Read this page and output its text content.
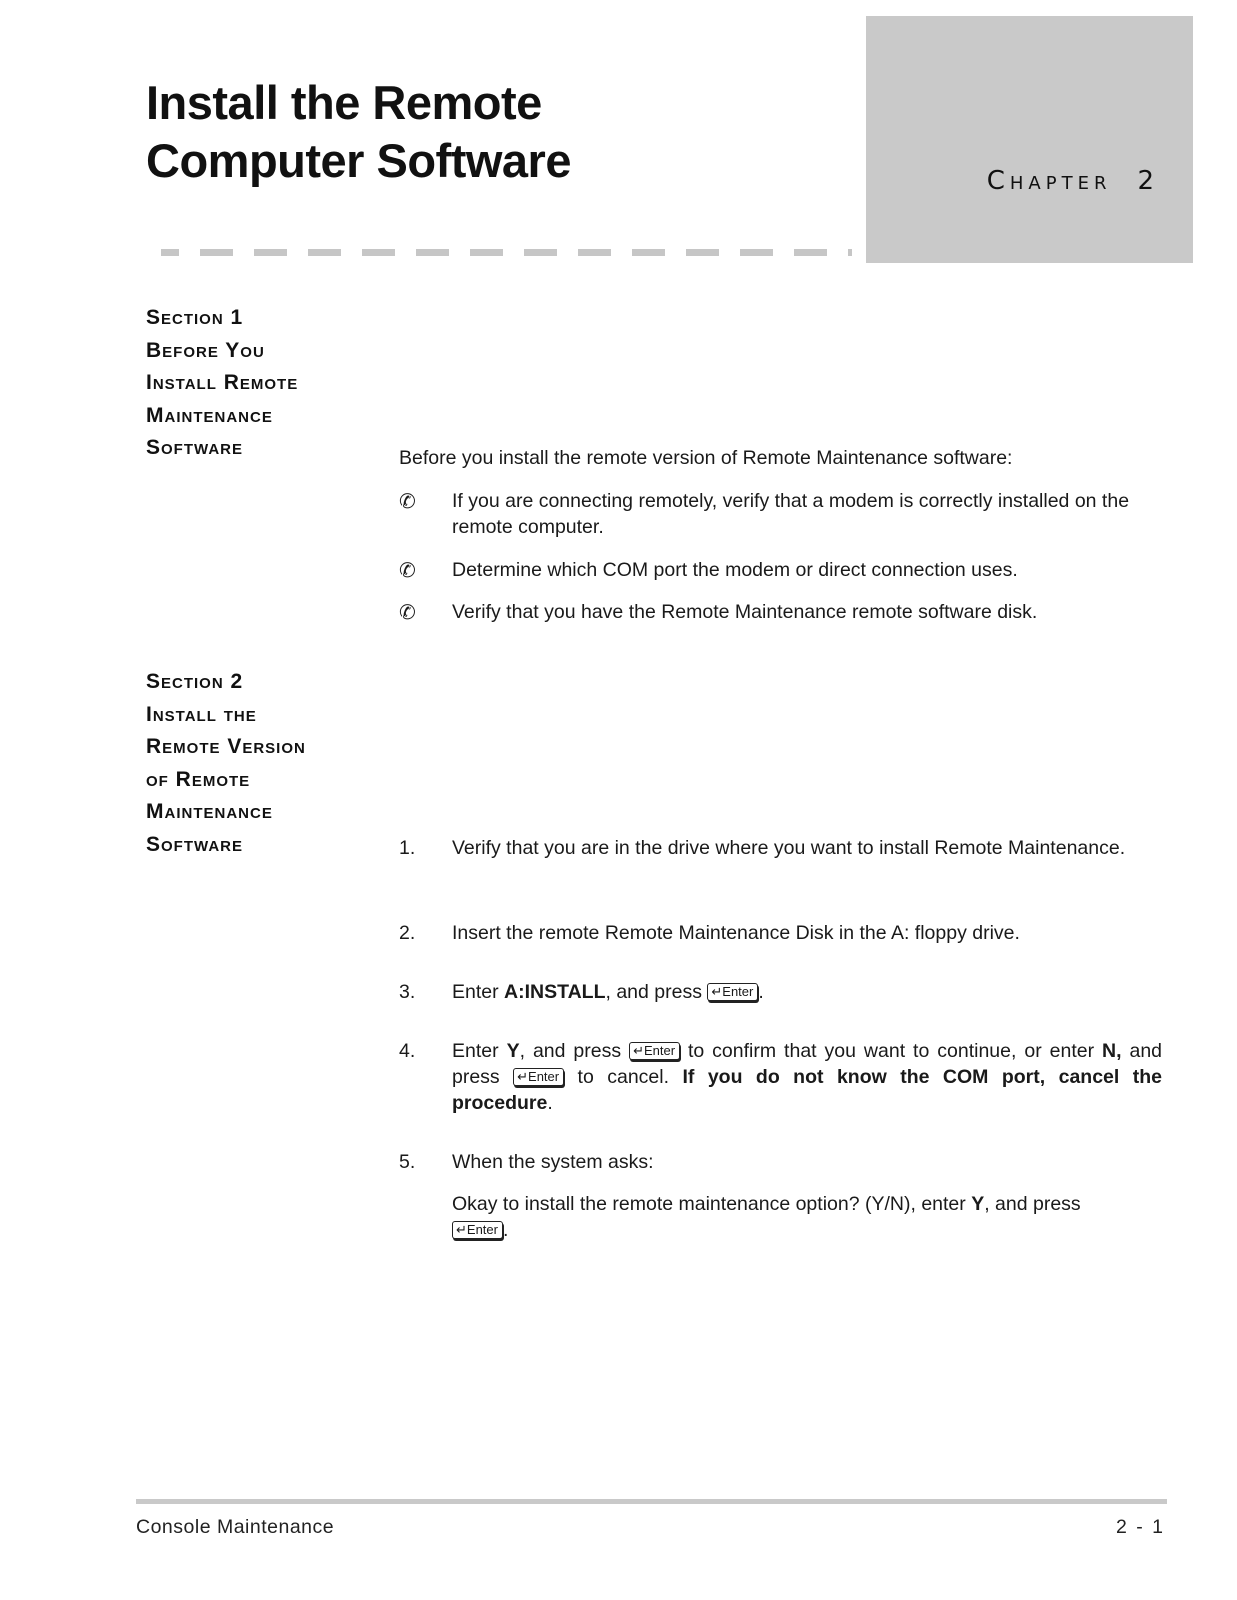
Install the Remote
Computer Software	Chapter 2
Section 1
Before You
Install Remote
Maintenance
Software	Before you install the remote version of Remote Maintenance software:
✆ If you are connecting remotely, verify that a modem is correctly installed on the remote computer.
✆ Determine which COM port the modem or direct connection uses.
✆ Verify that you have the Remote Maintenance remote software disk.
Section 2
Install the
Remote Version
of Remote
Maintenance
Software	1. Verify that you are in the drive where you want to install Remote Maintenance.
2. Insert the remote Remote Maintenance Disk in the A: floppy drive.
3. Enter A:INSTALL, and press ↵Enter .
4. Enter Y, and press ↵Enter to confirm that you want to continue, or enter N, and press ↵Enter to cancel. If you do not know the COM port, cancel the procedure.
5. When the system asks:
Okay to install the remote maintenance option? (Y/N), enter Y, and press
↵Enter .
Console Maintenance	2 - 1
